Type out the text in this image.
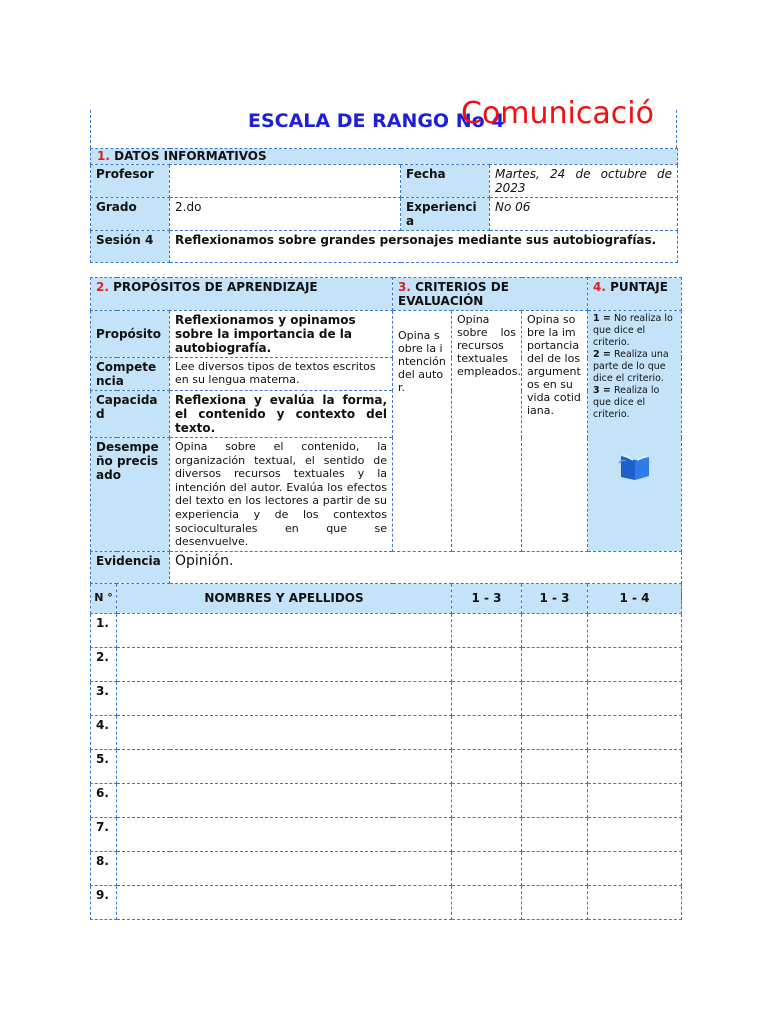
ESCALA DE RANGO No 4
Comunicació
1. DATOS INFORMATIVOS			
Profesor		Fecha	Martes, 24 de octubre de 2023
Grado	2.do	Experiencia	No 06
Sesión 4	Reflexionamos sobre grandes personajes mediante sus autobiografías.		
2. PROPÓSITOS DE APRENDIZAJE			3. CRITERIOS DE EVALUACIÓN			4. PUNTAJE	
Propósito		Reflexionamos y opinamos sobre la importancia de la autobiografía.	Opina sobre la intención del autor.	Opina sobre los recursos textuales empleados.	Opina sobre la importancia del de los argumentos en su vida cotidiana.	1 = No realiza lo que dice el criterio.
2 = Realiza una parte de lo que dice el criterio.
3 = Realiza lo que dice el criterio.	

Competencia		Lee diversos tipos de textos escritos en su lengua materna.					
Capacidad		Reflexiona y evalúa la forma, el contenido y contexto del texto.					
Desempeño precisado		Opina sobre el contenido, la organización textual, el sentido de diversos recursos textuales y la intención del autor. Evalúa los efectos del texto en los lectores a partir de su experiencia y de los contextos socioculturales en que se desenvuelve.					
Evidencia		Opinión.					
N °	NOMBRES Y APELLIDOS			1 - 3	1 - 3	1 - 4	
1.							
2.							
3.							
4.							
5.							
6.							
7.							
8.							
9.							
